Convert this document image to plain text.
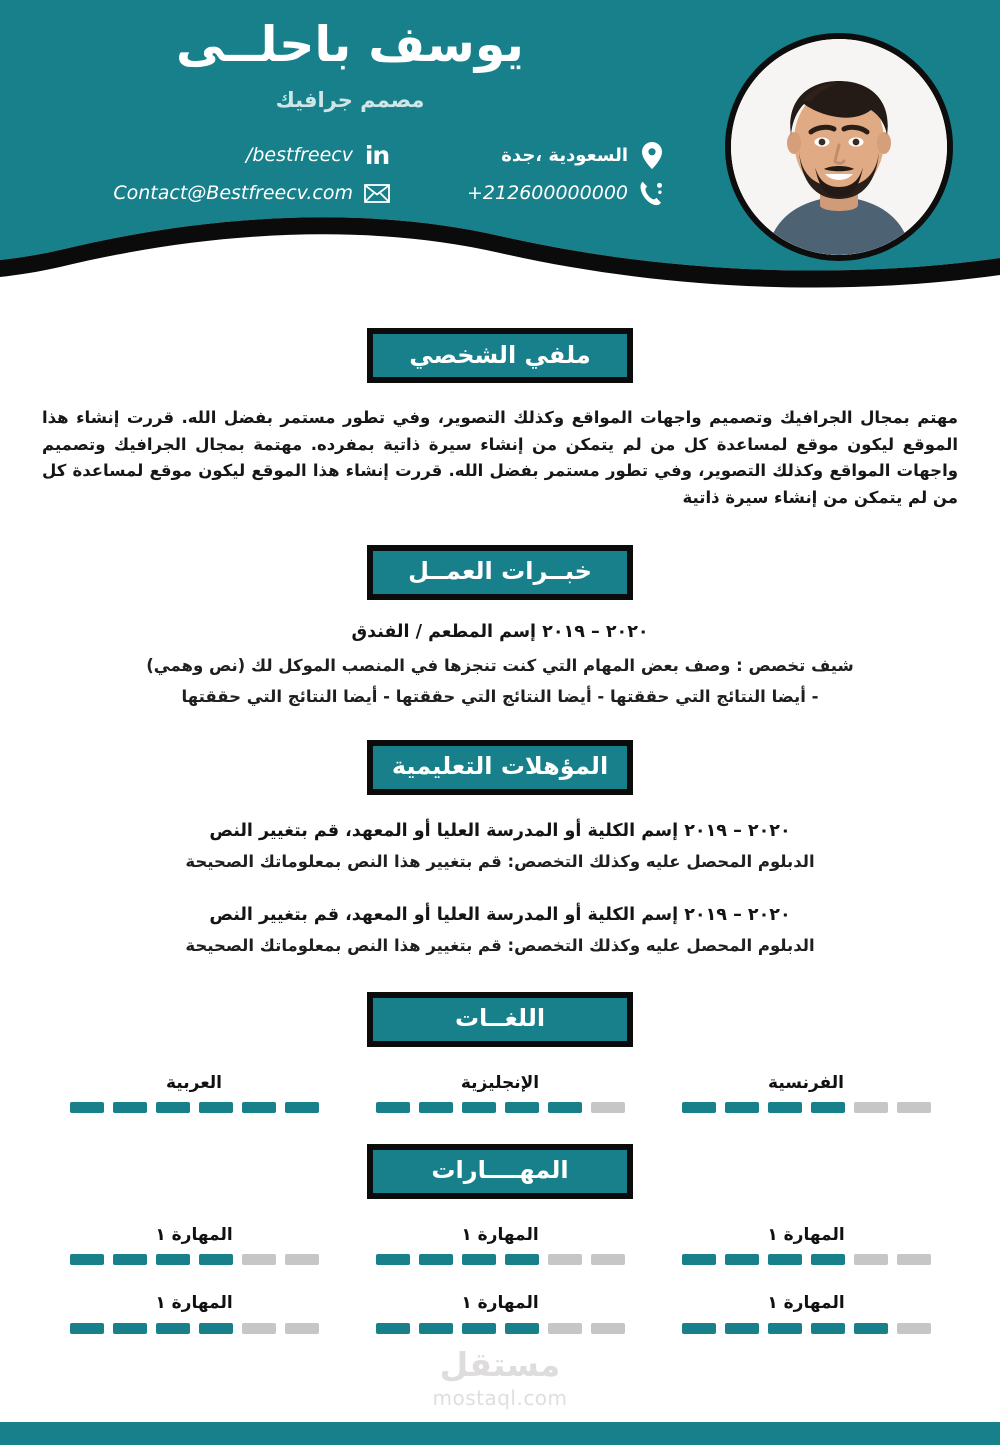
يوسف باحلــى
مصمم جرافيك
/bestfreecv in
Contact@Bestfreecv.com
السعودية ،جدة
+212600000000
ملفي الشخصي

مهتم بمجال الجرافيك وتصميم واجهات المواقع وكذلك التصوير، وفي تطور مستمر بفضل الله. قررت إنشاء هذا الموقع ليكون موقع لمساعدة كل من لم يتمكن من إنشاء سيرة ذاتية بمفرده. مهتمة بمجال الجرافيك وتصميم واجهات المواقع وكذلك التصوير، وفي تطور مستمر بفضل الله. قررت إنشاء هذا الموقع ليكون موقع لمساعدة كل من لم يتمكن من إنشاء سيرة ذاتية

خبــرات العمــل
٢٠٢٠ – ٢٠١٩ إسم المطعم / الفندق
شيف تخصص : وصف بعض المهام التي كنت تنجزها في المنصب الموكل لك (نص وهمي)
- أيضا النتائج التي حققتها - أيضا النتائج التي حققتها - أيضا النتائج التي حققتها
المؤهلات التعليمية
٢٠٢٠ – ٢٠١٩ إسم الكلية أو المدرسة العليا أو المعهد، قم بتغيير النص
الدبلوم المحصل عليه وكذلك التخصص: قم بتغيير هذا النص بمعلوماتك الصحيحة
٢٠٢٠ – ٢٠١٩ إسم الكلية أو المدرسة العليا أو المعهد، قم بتغيير النص
الدبلوم المحصل عليه وكذلك التخصص: قم بتغيير هذا النص بمعلوماتك الصحيحة
اللغــات
العربية	الإنجليزية	الفرنسية
المهــــارات
المهارة ١	المهارة ١	المهارة ١
المهارة ١	المهارة ١	المهارة ١
مستقل
mostaql.com
